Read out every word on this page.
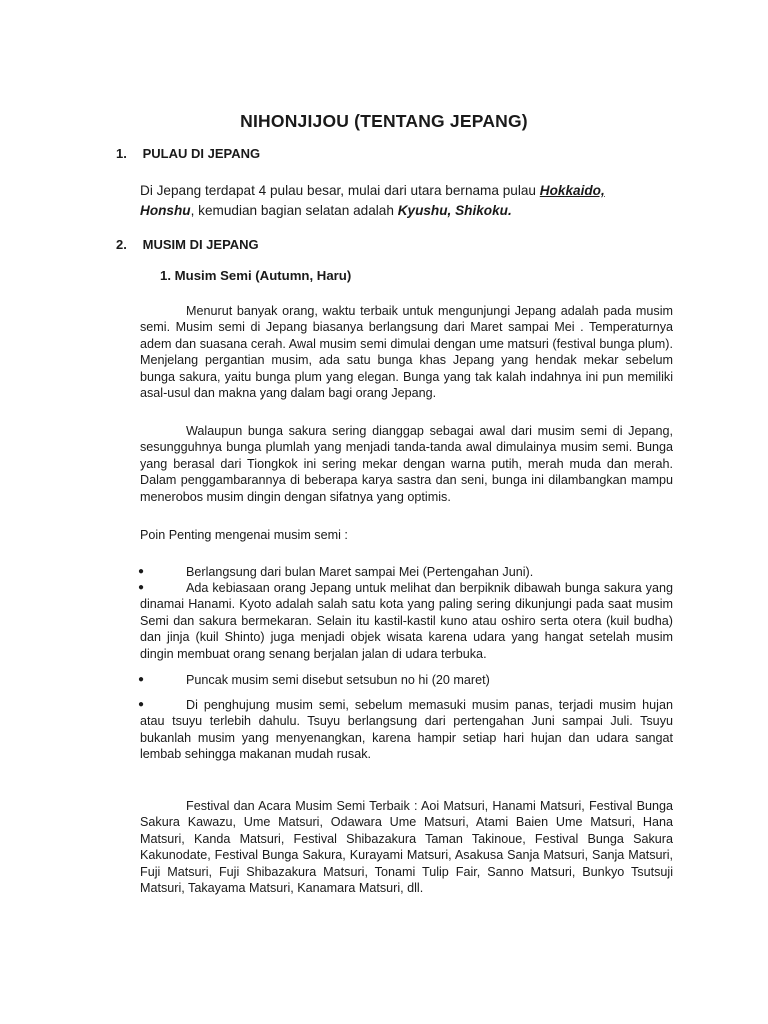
NIHONJIJOU (TENTANG JEPANG)
1. PULAU DI JEPANG
Di Jepang terdapat 4 pulau besar, mulai dari utara bernama pulau Hokkaido,
Honshu, kemudian bagian selatan adalah Kyushu, Shikoku.
2. MUSIM DI JEPANG
1. Musim Semi (Autumn, Haru)
Menurut banyak orang, waktu terbaik untuk mengunjungi Jepang adalah pada musim semi. Musim semi di Jepang biasanya berlangsung dari Maret sampai Mei . Temperaturnya adem dan suasana cerah. Awal musim semi dimulai dengan ume matsuri (festival bunga plum). Menjelang pergantian musim, ada satu bunga khas Jepang yang hendak mekar sebelum bunga sakura, yaitu bunga plum yang elegan. Bunga yang tak kalah indahnya ini pun memiliki asal-usul dan makna yang dalam bagi orang Jepang.
Walaupun bunga sakura sering dianggap sebagai awal dari musim semi di Jepang, sesungguhnya bunga plumlah yang menjadi tanda-tanda awal dimulainya musim semi. Bunga yang berasal dari Tiongkok ini sering mekar dengan warna putih, merah muda dan merah. Dalam penggambarannya di beberapa karya sastra dan seni, bunga ini dilambangkan mampu menerobos musim dingin dengan sifatnya yang optimis.
Poin Penting mengenai musim semi :
●	Berlangsung dari bulan Maret sampai Mei (Pertengahan Juni).
●	Ada kebiasaan orang Jepang untuk melihat dan berpiknik dibawah bunga sakura yang dinamai Hanami. Kyoto adalah salah satu kota yang paling sering dikunjungi pada saat musim Semi dan sakura bermekaran. Selain itu kastil-kastil kuno atau oshiro serta otera (kuil budha) dan jinja (kuil Shinto) juga menjadi objek wisata karena udara yang hangat setelah musim dingin membuat orang senang berjalan jalan di udara terbuka.
●	Puncak musim semi disebut setsubun no hi (20 maret)
●	Di penghujung musim semi, sebelum memasuki musim panas, terjadi musim hujan atau tsuyu terlebih dahulu. Tsuyu berlangsung dari pertengahan Juni sampai Juli. Tsuyu bukanlah musim yang menyenangkan, karena hampir setiap hari hujan dan udara sangat lembab sehingga makanan mudah rusak.
Festival dan Acara Musim Semi Terbaik : Aoi Matsuri, Hanami Matsuri, Festival Bunga Sakura Kawazu, Ume Matsuri, Odawara Ume Matsuri, Atami Baien Ume Matsuri, Hana Matsuri, Kanda Matsuri, Festival Shibazakura Taman Takinoue, Festival Bunga Sakura Kakunodate, Festival Bunga Sakura, Kurayami Matsuri, Asakusa Sanja Matsuri, Sanja Matsuri, Fuji Matsuri, Fuji Shibazakura Matsuri, Tonami Tulip Fair, Sanno Matsuri, Bunkyo Tsutsuji Matsuri, Takayama Matsuri, Kanamara Matsuri, dll.
